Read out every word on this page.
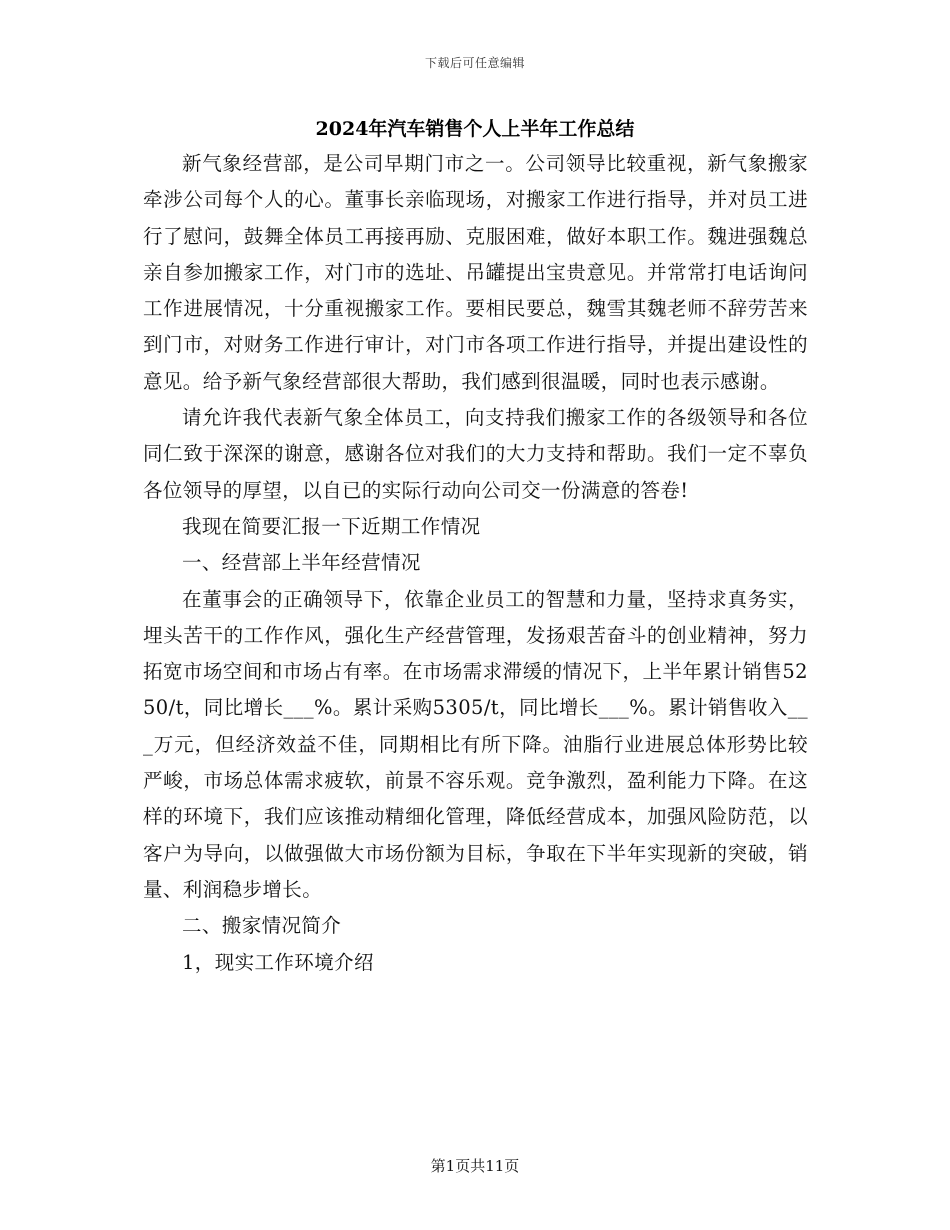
下载后可任意编辑
2024年汽车销售个人上半年工作总结

新气象经营部，是公司早期门市之一。公司领导比较重视，新气象搬家牵涉公司每个人的心。董事长亲临现场，对搬家工作进行指导，并对员工进行了慰问，鼓舞全体员工再接再励、克服困难，做好本职工作。魏进强魏总亲自参加搬家工作，对门市的选址、吊罐提出宝贵意见。并常常打电话询问工作进展情况，十分重视搬家工作。要相民要总，魏雪其魏老师不辞劳苦来到门市，对财务工作进行审计，对门市各项工作进行指导，并提出建设性的意见。给予新气象经营部很大帮助，我们感到很温暖，同时也表示感谢。

请允许我代表新气象全体员工，向支持我们搬家工作的各级领导和各位同仁致于深深的谢意，感谢各位对我们的大力支持和帮助。我们一定不辜负各位领导的厚望，以自已的实际行动向公司交一份满意的答卷!

我现在简要汇报一下近期工作情况

一、经营部上半年经营情况

在董事会的正确领导下，依靠企业员工的智慧和力量，坚持求真务实，埋头苦干的工作作风，强化生产经营管理，发扬艰苦奋斗的创业精神，努力拓宽市场空间和市场占有率。在市场需求滞缓的情况下，上半年累计销售5250/t，同比增长___%。累计采购5305/t，同比增长___%。累计销售收入___万元，但经济效益不佳，同期相比有所下降。油脂行业进展总体形势比较严峻，市场总体需求疲软，前景不容乐观。竞争激烈，盈利能力下降。在这样的环境下，我们应该推动精细化管理，降低经营成本，加强风险防范，以客户为导向，以做强做大市场份额为目标，争取在下半年实现新的突破，销量、利润稳步增长。

二、搬家情况简介

1，现实工作环境介绍

第1页共11页
